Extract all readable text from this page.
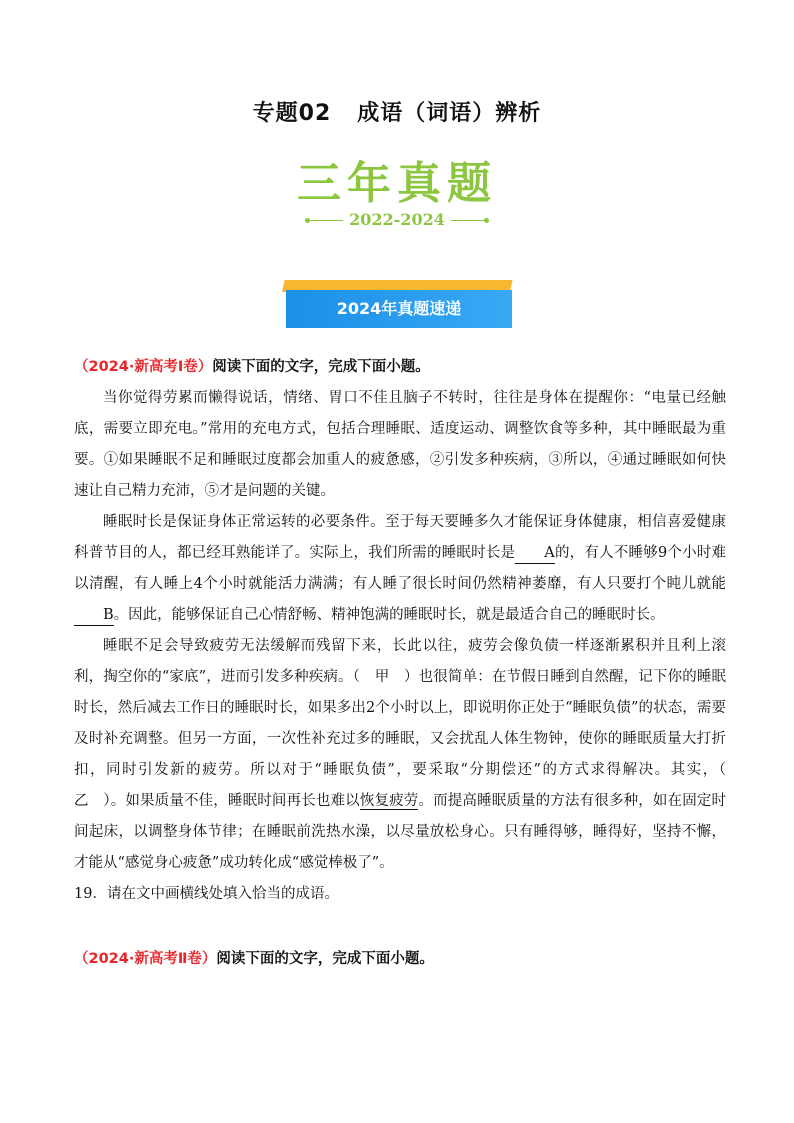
专题02 成语（词语）辨析
三年真题
2022-2024
2024年真题速递
（2024·新高考Ⅰ卷）阅读下面的文字，完成下面小题。

当你觉得劳累而懒得说话，情绪、胃口不佳且脑子不转时，往往是身体在提醒你：“电量已经触底，需要立即充电。”常用的充电方式，包括合理睡眠、适度运动、调整饮食等多种，其中睡眠最为重要。①如果睡眠不足和睡眠过度都会加重人的疲惫感，②引发多种疾病，③所以，④通过睡眠如何快速让自己精力充沛，⑤才是问题的关键。

睡眠时长是保证身体正常运转的必要条件。至于每天要睡多久才能保证身体健康，相信喜爱健康科普节目的人，都已经耳熟能详了。实际上，我们所需的睡眠时长是 A的，有人不睡够9个小时难以清醒，有人睡上4个小时就能活力满满；有人睡了很长时间仍然精神萎靡，有人只要打个盹儿就能B。因此，能够保证自己心情舒畅、精神饱满的睡眠时长，就是最适合自己的睡眠时长。

睡眠不足会导致疲劳无法缓解而残留下来，长此以往，疲劳会像负债一样逐渐累积并且利上滚利，掏空你的“家底”，进而引发多种疾病。（　甲　）也很简单：在节假日睡到自然醒，记下你的睡眠时长，然后减去工作日的睡眠时长，如果多出2个小时以上，即说明你正处于“睡眠负债”的状态，需要及时补充调整。但另一方面，一次性补充过多的睡眠，又会扰乱人体生物钟，使你的睡眠质量大打折扣，同时引发新的疲劳。所以对于“睡眠负债”，要采取“分期偿还”的方式求得解决。其实，（　乙　）。如果质量不佳，睡眠时间再长也难以恢复疲劳。而提高睡眠质量的方法有很多种，如在固定时间起床，以调整身体节律；在睡眠前洗热水澡，以尽量放松身心。只有睡得够，睡得好，坚持不懈，才能从“感觉身心疲惫”成功转化成“感觉棒极了”。

19．请在文中画横线处填入恰当的成语。

（2024·新高考Ⅱ卷）阅读下面的文字，完成下面小题。
